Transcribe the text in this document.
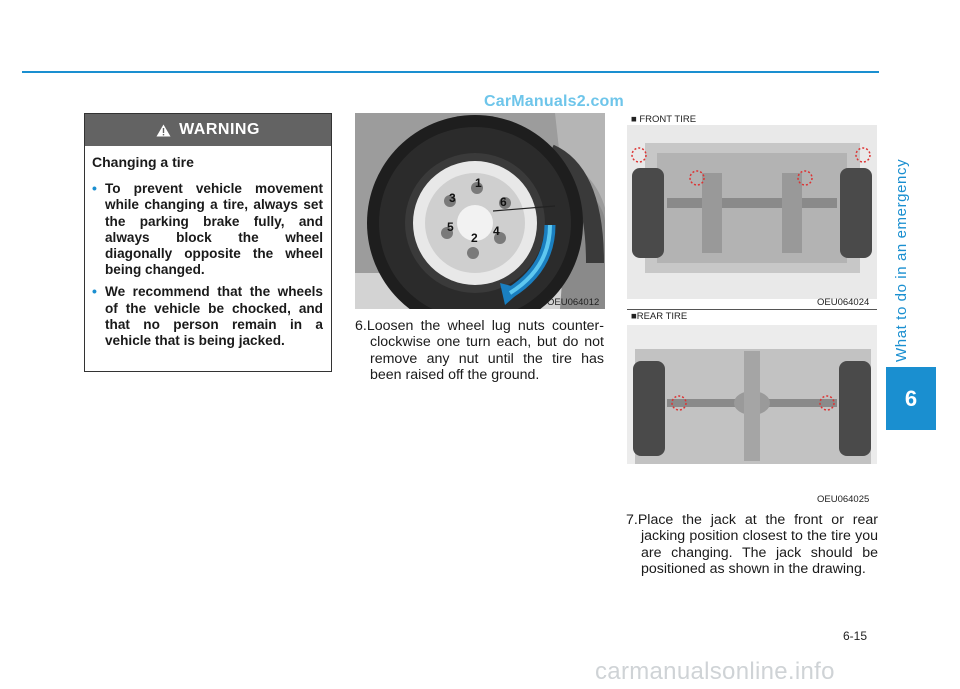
CarManuals2.com
What to do in an emergency
6
WARNING
Changing a tire
• To prevent vehicle movement while changing a tire, always set the parking brake fully, and always block the wheel diagonally opposite the wheel being changed.
• We recommend that the wheels of the vehicle be chocked, and that no person remain in a vehicle that is being jacked.
1
2
3
4
5
6
OEU064012
6.Loosen the wheel lug nuts counter-clockwise one turn each, but do not remove any nut until the tire has been raised off the ground.
■ FRONT TIRE
OEU064024
■REAR TIRE
OEU064025
7.Place the jack at the front or rear jacking position closest to the tire you are changing. The jack should be positioned as shown in the drawing.
6-15
carmanualsonline.info
